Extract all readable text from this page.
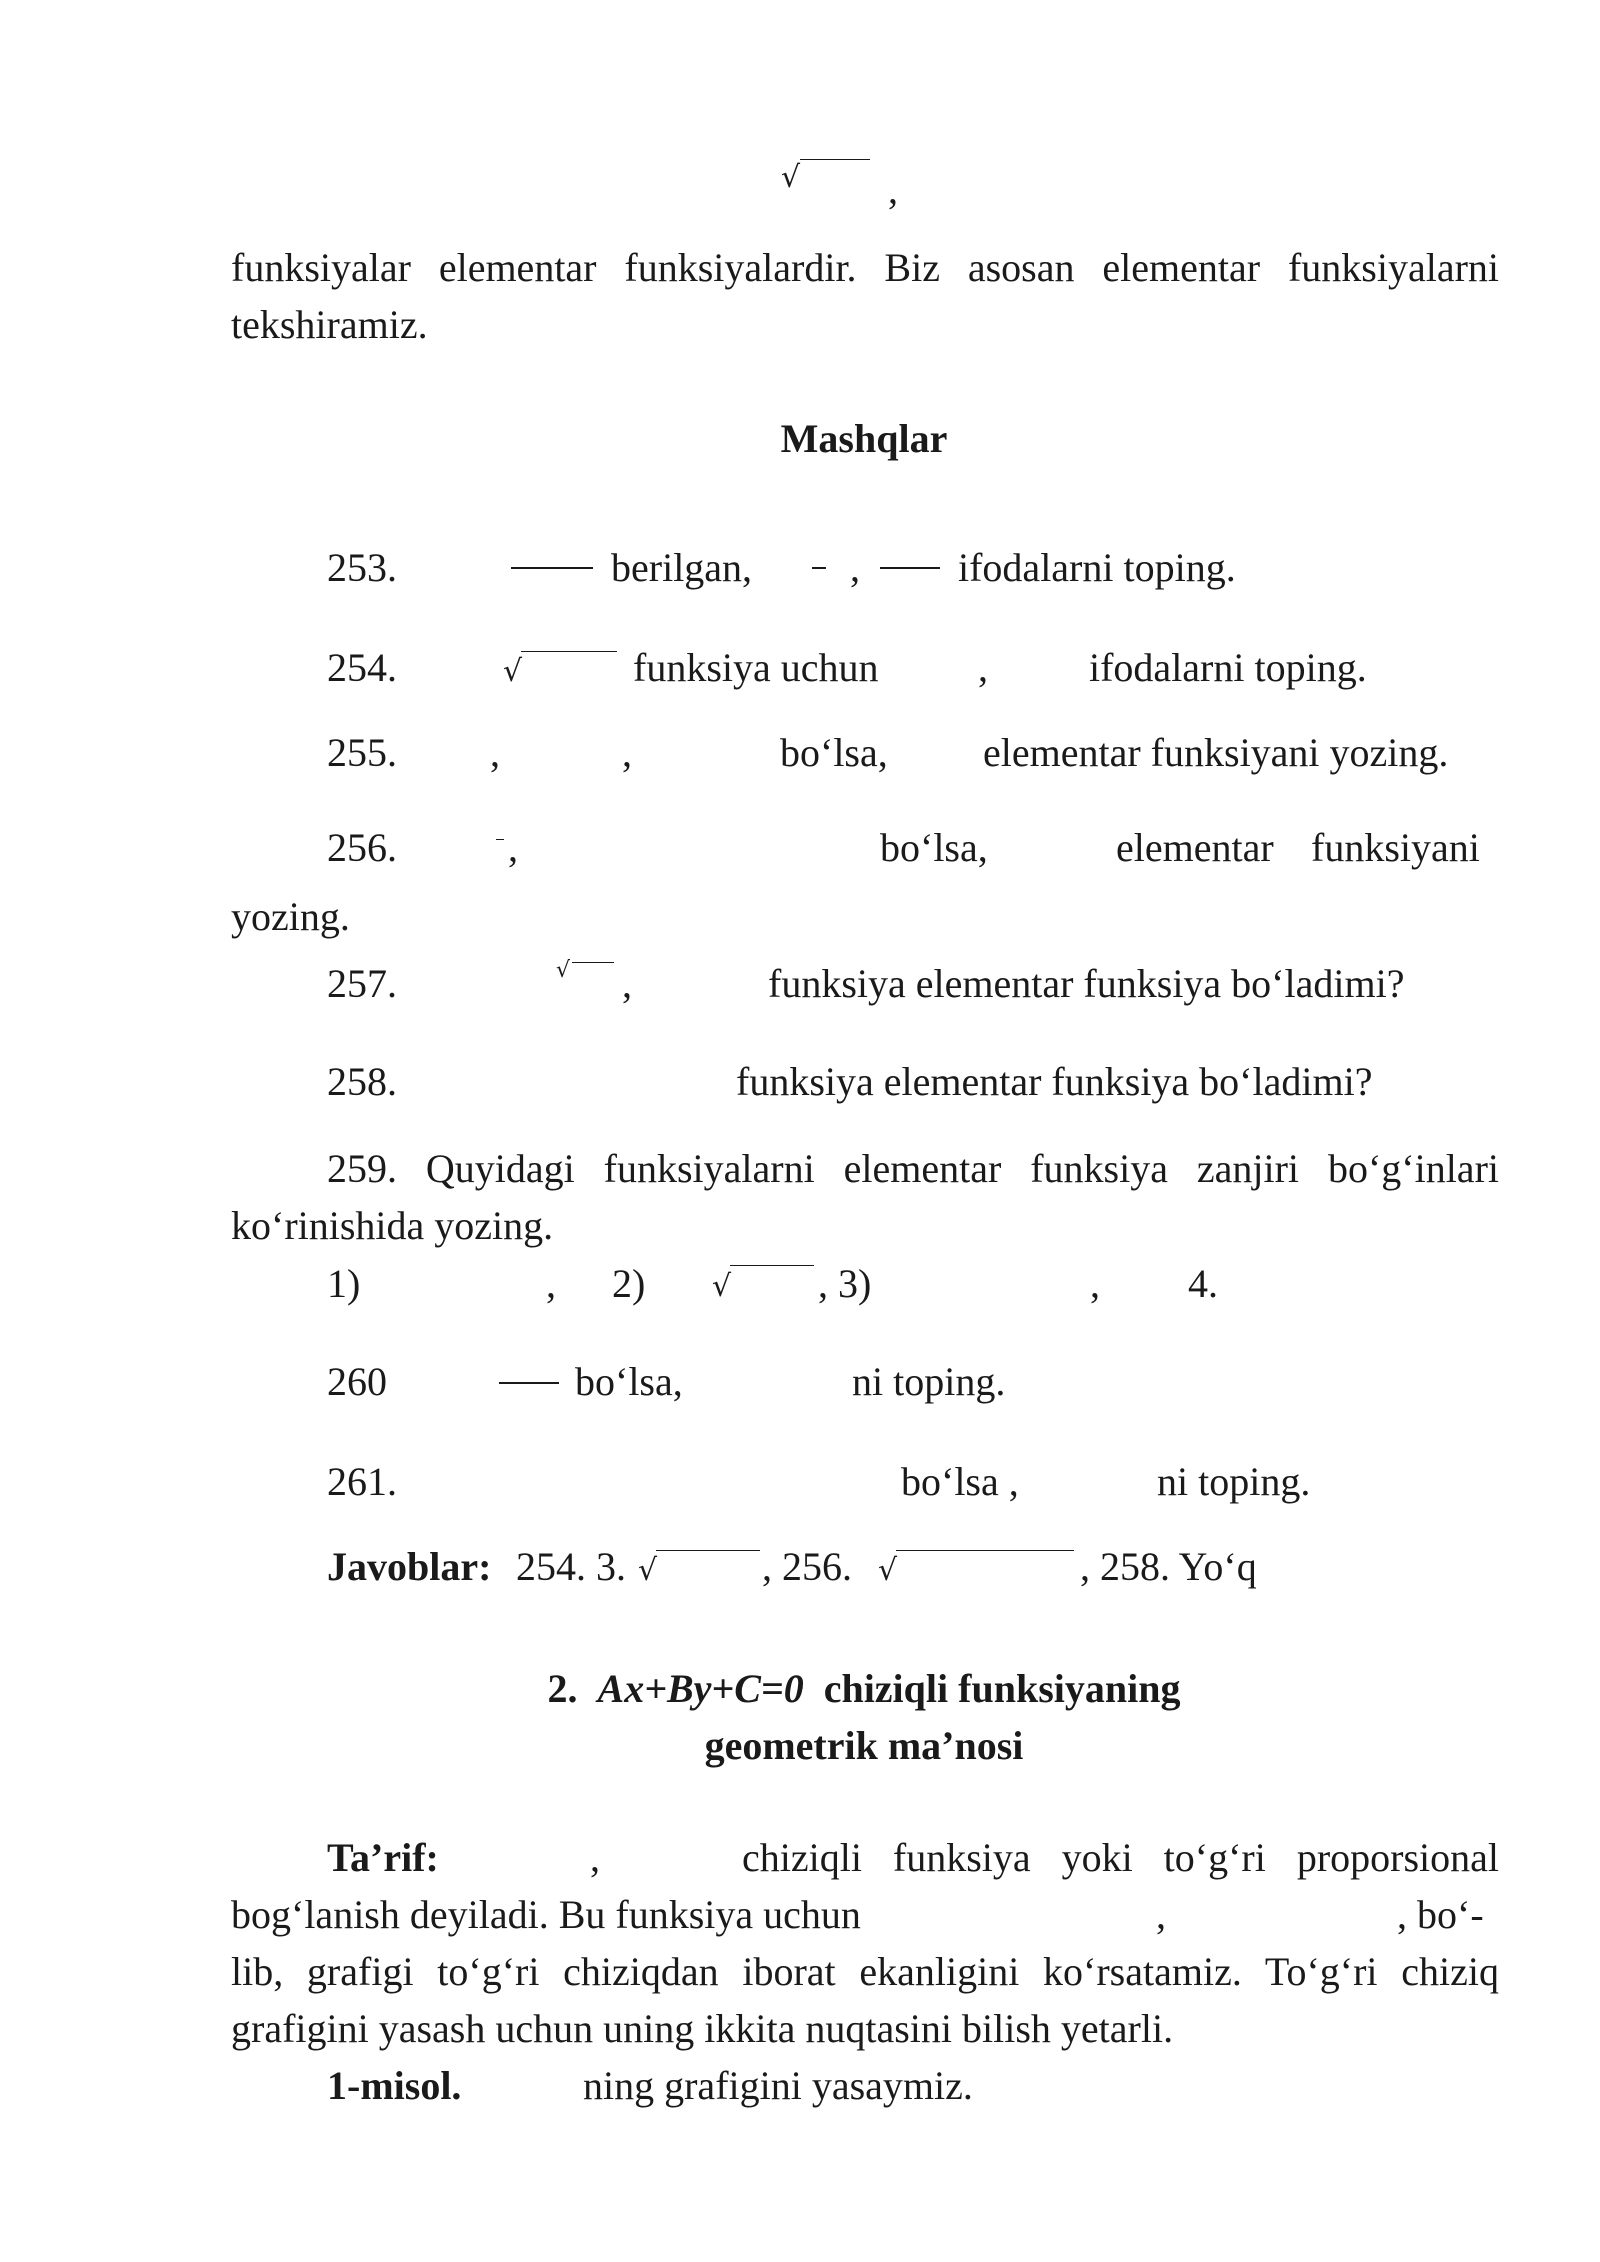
√ ,
funksiyalar elementar funksiyalardir. Biz asosan elementar funksiyalarni
tekshiramiz.
Mashqlar
253.	berilgan, , ifodalarni toping.
254.	√	funksiya uchun ,	ifodalarni toping.
255. ,	,	bo‘lsa, elementar funksiyani yozing.
256.	,	bo‘lsa,	elementar funksiyani
yozing.
257.	√ ,	funksiya elementar funksiya bo‘ladimi?
258.	funksiya elementar funksiya bo‘ladimi?
259. Quyidagi funksiyalarni elementar funksiya zanjiri bo‘g‘inlari
ko‘rinishida yozing.
1)	, 2) √ , 3)	, 4.
260	bo‘lsa,	ni toping.
261.	bo‘lsa ,	ni toping.
Javoblar: 254. 3. √	, 256. √	, 258. Yo‘q
2. Ax+By+C=0 chiziqli funksiyaning
geometrik ma’nosi
Ta’rif:	,	chiziqli funksiya yoki to‘g‘ri proporsional
bog‘lanish deyiladi. Bu funksiya uchun	,	, bo‘-
lib, grafigi to‘g‘ri chiziqdan iborat ekanligini ko‘rsatamiz. To‘g‘ri chiziq
grafigini yasash uchun uning ikkita nuqtasini bilish yetarli.
1-misol.	ning grafigini yasaymiz.
